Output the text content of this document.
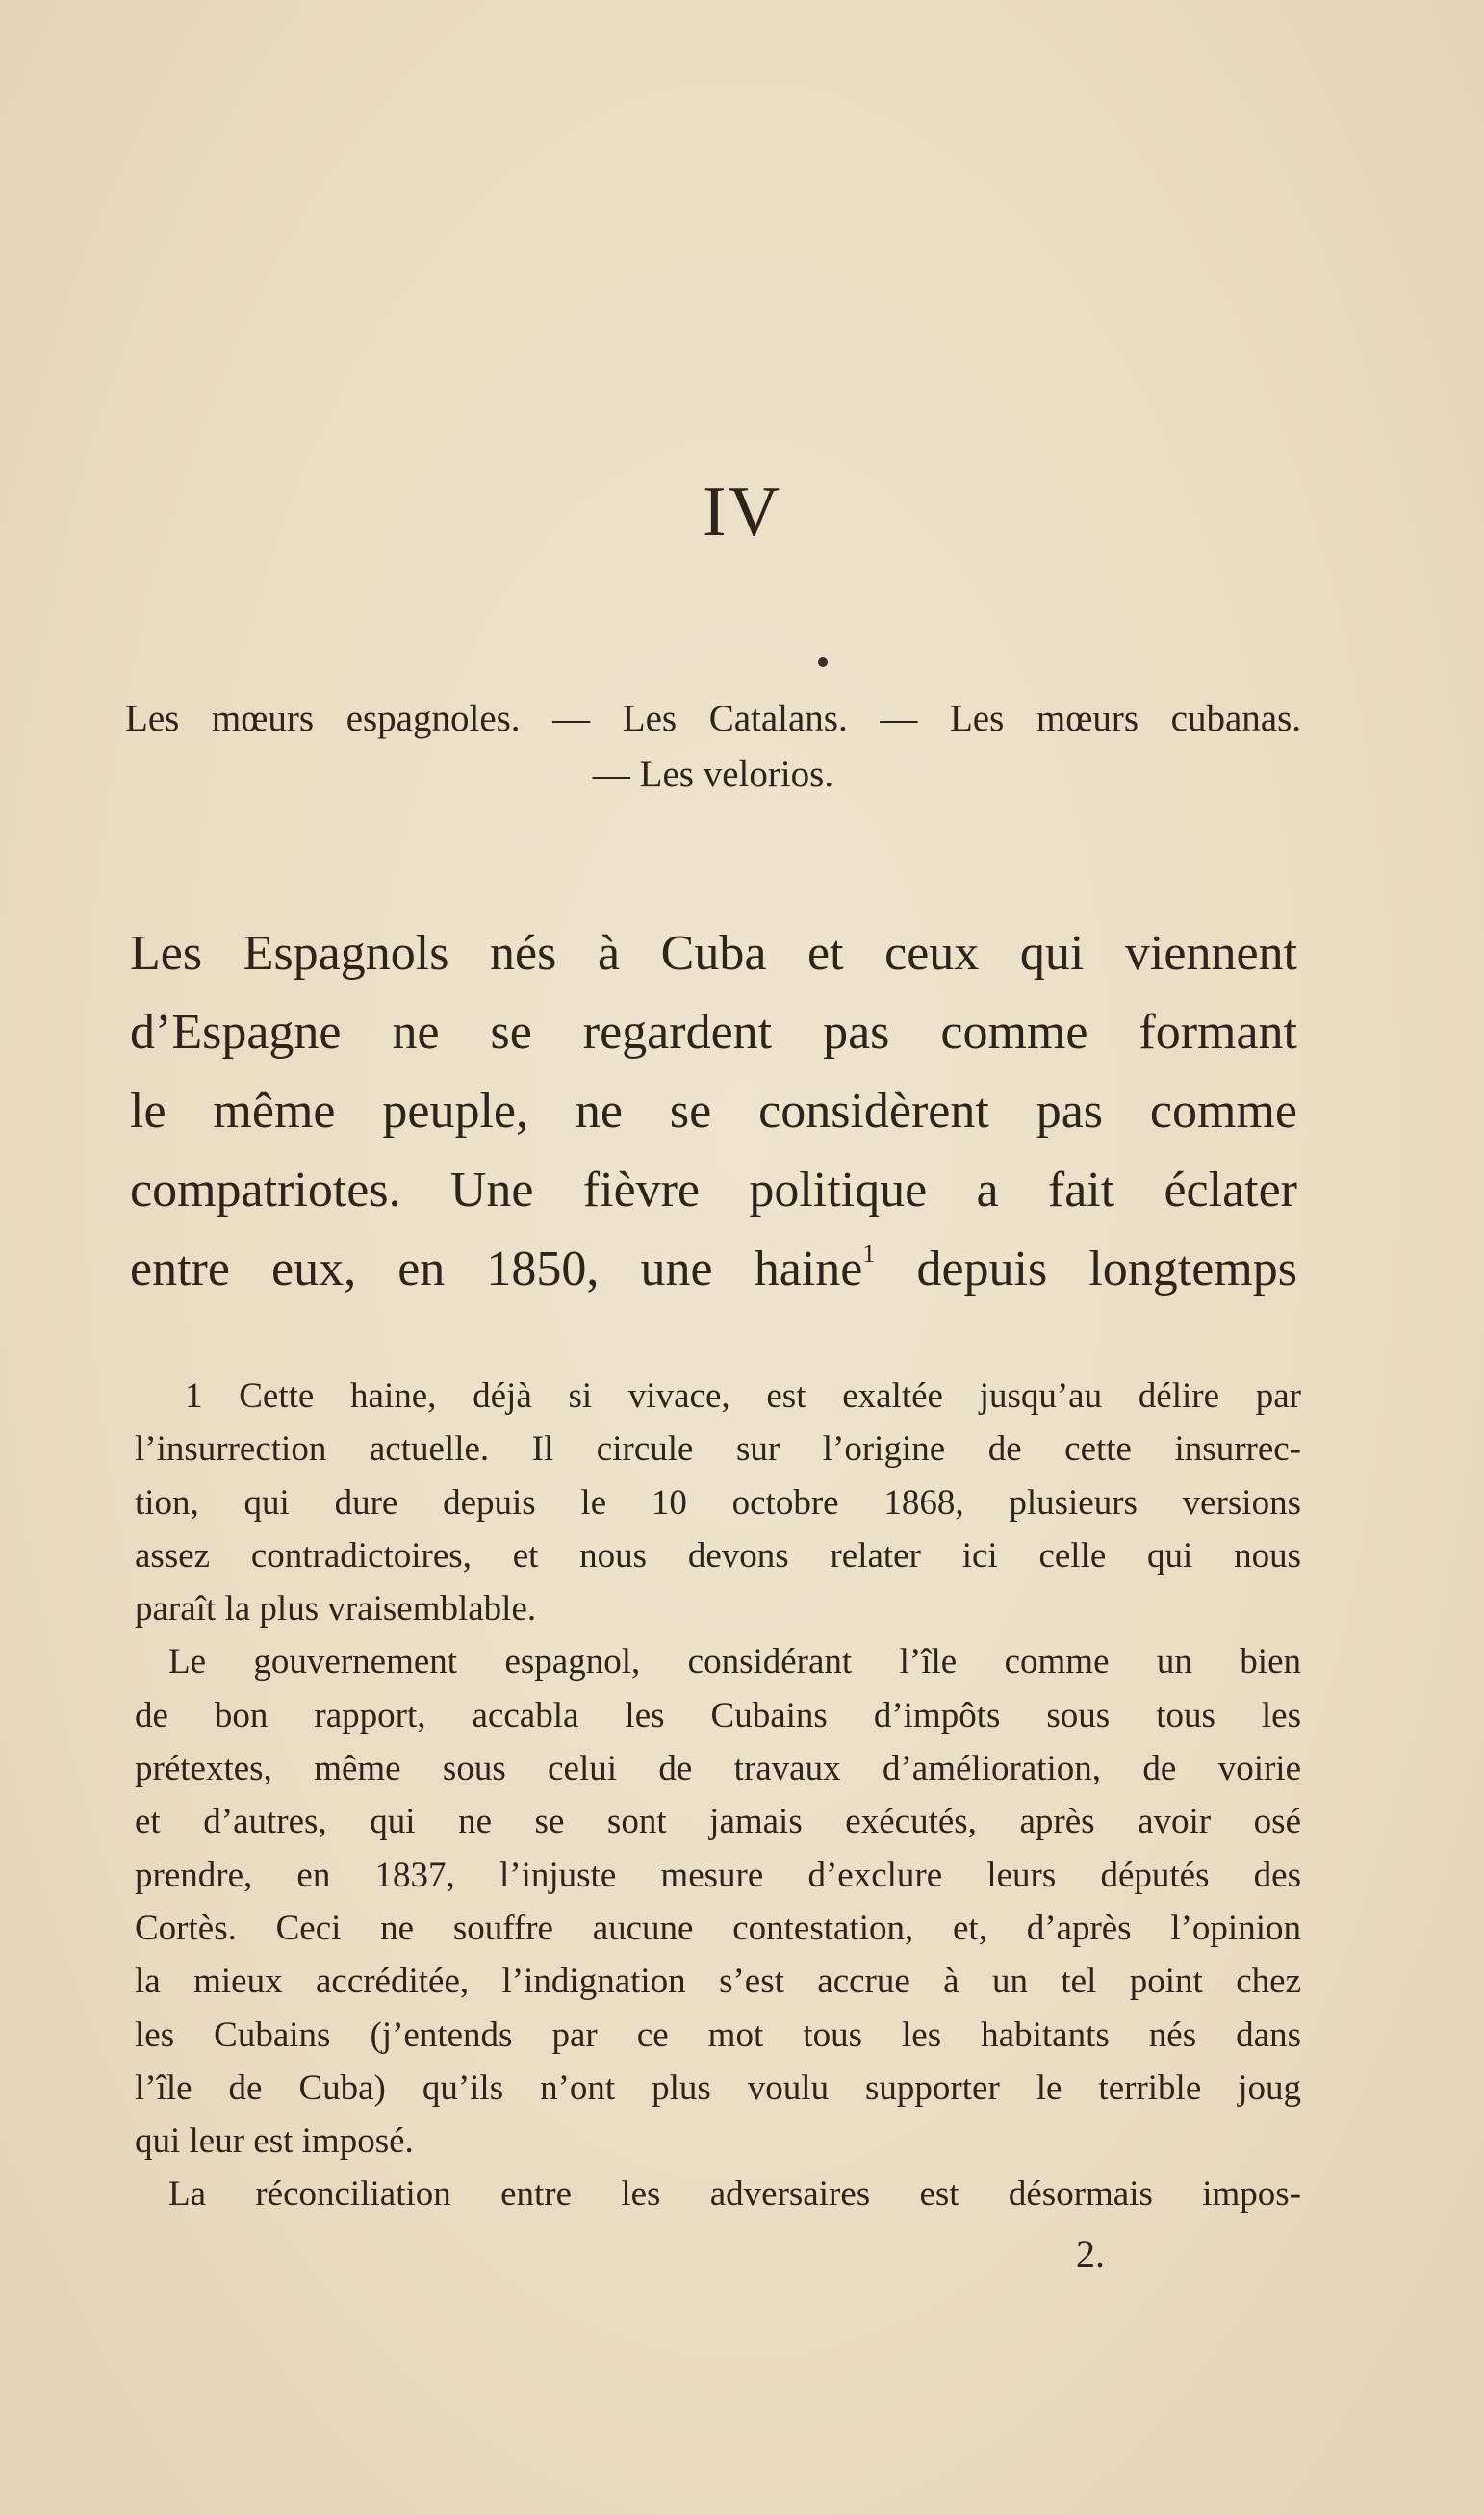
IV
Les mœurs espagnoles. — Les Catalans. — Les mœurs cubanas.
— Les velorios.
Les Espagnols nés à Cuba et ceux qui viennent
d’Espagne ne se regardent pas comme formant
le même peuple, ne se considèrent pas comme
compatriotes. Une fièvre politique a fait éclater
entre eux, en 1850, une haine$^1$ depuis longtemps
1 Cette haine, déjà si vivace, est exaltée jusqu’au délire par
l’insurrection actuelle. Il circule sur l’origine de cette insurrec-
tion, qui dure depuis le 10 octobre 1868, plusieurs versions
assez contradictoires, et nous devons relater ici celle qui nous
paraît la plus vraisemblable.
Le gouvernement espagnol, considérant l’île comme un bien
de bon rapport, accabla les Cubains d’impôts sous tous les
prétextes, même sous celui de travaux d’amélioration, de voirie
et d’autres, qui ne se sont jamais exécutés, après avoir osé
prendre, en 1837, l’injuste mesure d’exclure leurs députés des
Cortès. Ceci ne souffre aucune contestation, et, d’après l’opinion
la mieux accréditée, l’indignation s’est accrue à un tel point chez
les Cubains (j’entends par ce mot tous les habitants nés dans
l’île de Cuba) qu’ils n’ont plus voulu supporter le terrible joug
qui leur est imposé.
La réconciliation entre les adversaires est désormais impos-
2.
